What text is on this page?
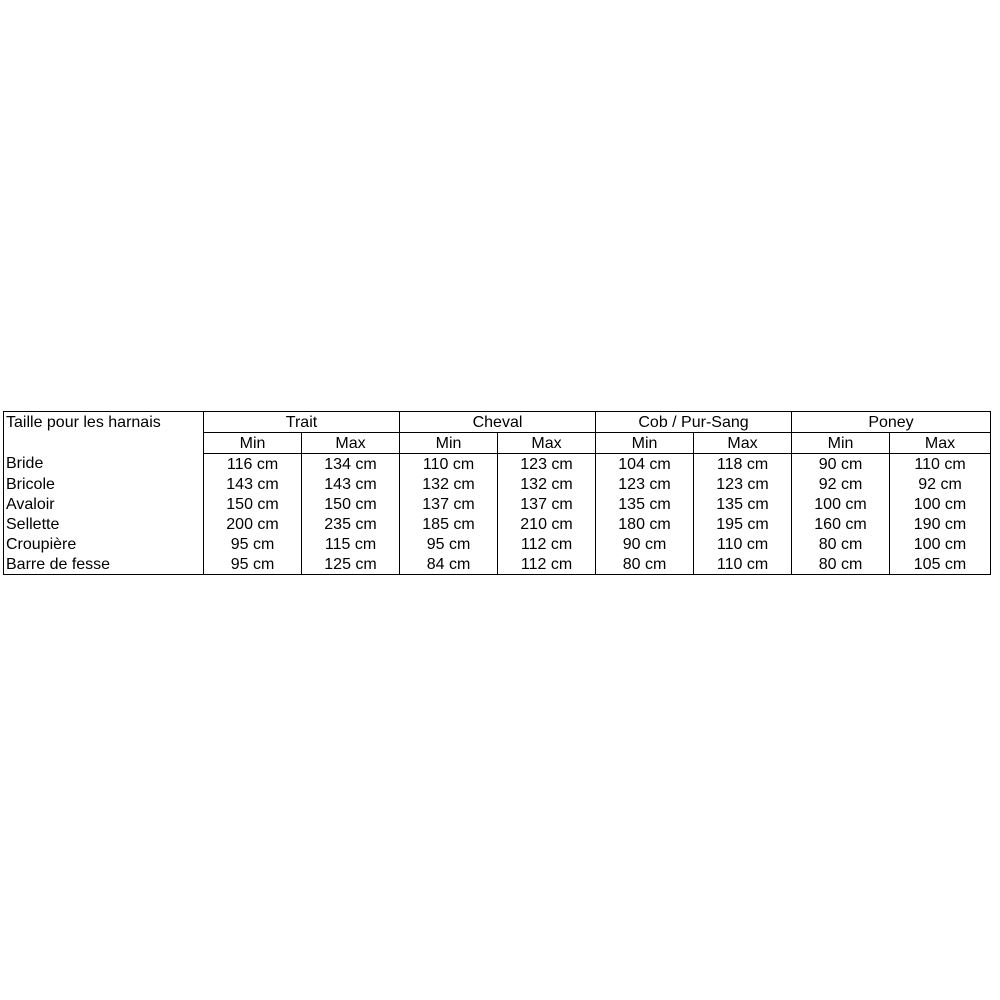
Taille pour les harnais	Trait		Cheval		Cob / Pur-Sang		Poney	
	Min	Max	Min	Max	Min	Max	Min	Max
Bride	116 cm	134 cm	110 cm	123 cm	104 cm	118 cm	90 cm	110 cm
Bricole	143 cm	143 cm	132 cm	132 cm	123 cm	123 cm	92 cm	92 cm
Avaloir	150 cm	150 cm	137 cm	137 cm	135 cm	135 cm	100 cm	100 cm
Sellette	200 cm	235 cm	185 cm	210 cm	180 cm	195 cm	160 cm	190 cm
Croupière	95 cm	115 cm	95 cm	112 cm	90 cm	110 cm	80 cm	100 cm
Barre de fesse	95 cm	125 cm	84 cm	112 cm	80 cm	110 cm	80 cm	105 cm
